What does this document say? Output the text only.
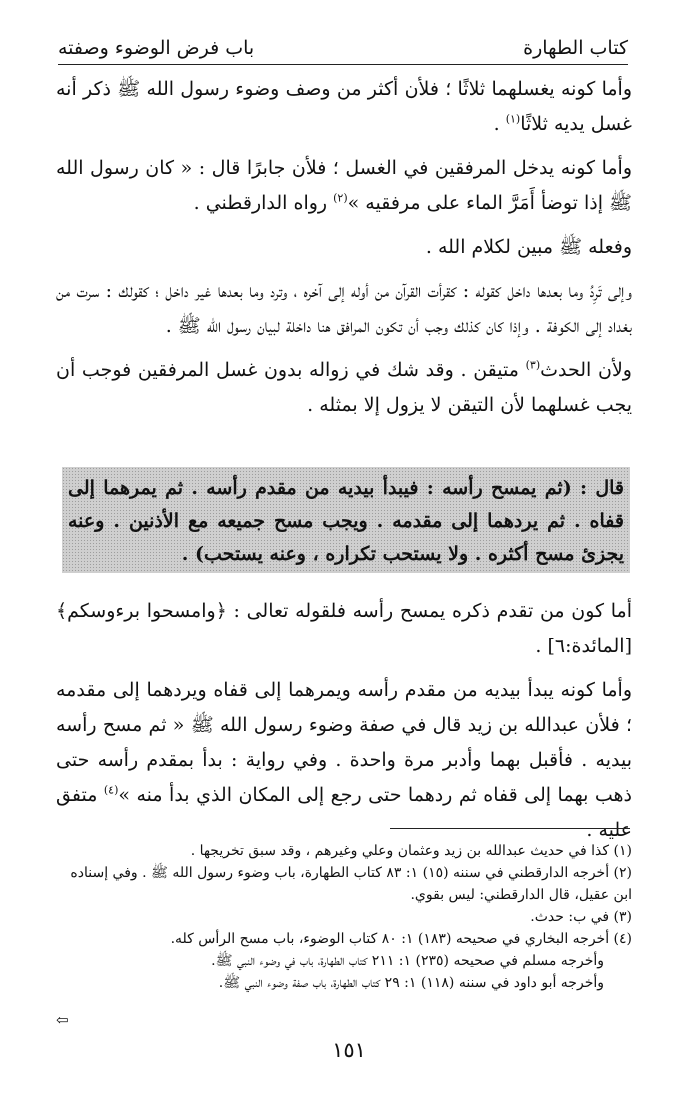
كتاب الطهارة
باب فرض الوضوء وصفته

وأما كونه يغسلهما ثلاثًا ؛ فلأن أكثر من وصف وضوء رسول الله ﷺ ذكر أنه غسل يديه ثلاثًا$^{(١)}$ .

وأما كونه يدخل المرفقين في الغسل ؛ فلأن جابرًا قال : « كان رسول الله ﷺ إذا توضأ أَمَرَّ الماء على مرفقيه »$^{(٢)}$ رواه الدارقطني .

وفعله ﷺ مبين لكلام الله .

وإلى تَرِدُ وما بعدها داخل كقوله : كقرأت القرآن من أوله إلى آخره ، وترد وما بعدها غير داخل ؛ كقولك : سرت من بغداد إلى الكوفة . وإذا كان كذلك وجب أن تكون المرافق هنا داخلة لبيان رسول الله ﷺ .

ولأن الحدث$^{(٣)}$ متيقن . وقد شك في زواله بدون غسل المرفقين فوجب أن يجب غسلهما لأن التيقن لا يزول إلا بمثله .

قال : (ثم يمسح رأسه : فيبدأ بيديه من مقدم رأسه . ثم يمرهما إلى قفاه . ثم يردهما إلى مقدمه . ويجب مسح جميعه مع الأذنين . وعنه يجزئ مسح أكثره . ولا يستحب تكراره ، وعنه يستحب) .

أما كون من تقدم ذكره يمسح رأسه فلقوله تعالى : ﴿وامسحوا برءوسكم﴾ [المائدة:٦] .

وأما كونه يبدأ بيديه من مقدم رأسه ويمرهما إلى قفاه ويردهما إلى مقدمه ؛ فلأن عبدالله بن زيد قال في صفة وضوء رسول الله ﷺ « ثم مسح رأسه بيديه . فأقبل بهما وأدبر مرة واحدة . وفي رواية : بدأ بمقدم رأسه حتى ذهب بهما إلى قفاه ثم ردهما حتى رجع إلى المكان الذي بدأ منه »$^{(٤)}$ متفق عليه .

(١) كذا في حديث عبدالله بن زيد وعثمان وعلي وغيرهم ، وقد سبق تخريجها .

(٢) أخرجه الدارقطني في سننه (١٥) ١: ٨٣ كتاب الطهارة، باب وضوء رسول الله ﷺ . وفي إسناده ابن عقيل، قال الدارقطني: ليس بقوي.

(٣) في ب: حدث.

(٤) أخرجه البخاري في صحيحه (١٨٣) ١: ٨٠ كتاب الوضوء، باب مسح الرأس كله.

وأخرجه مسلم في صحيحه (٢٣٥) ١: ٢١١ كتاب الطهارة، باب في وضوء النبي ﷺ.

وأخرجه أبو داود في سننه (١١٨) ١: ٢٩ كتاب الطهارة، باب صفة وضوء النبي ﷺ.

⇦
١٥١
